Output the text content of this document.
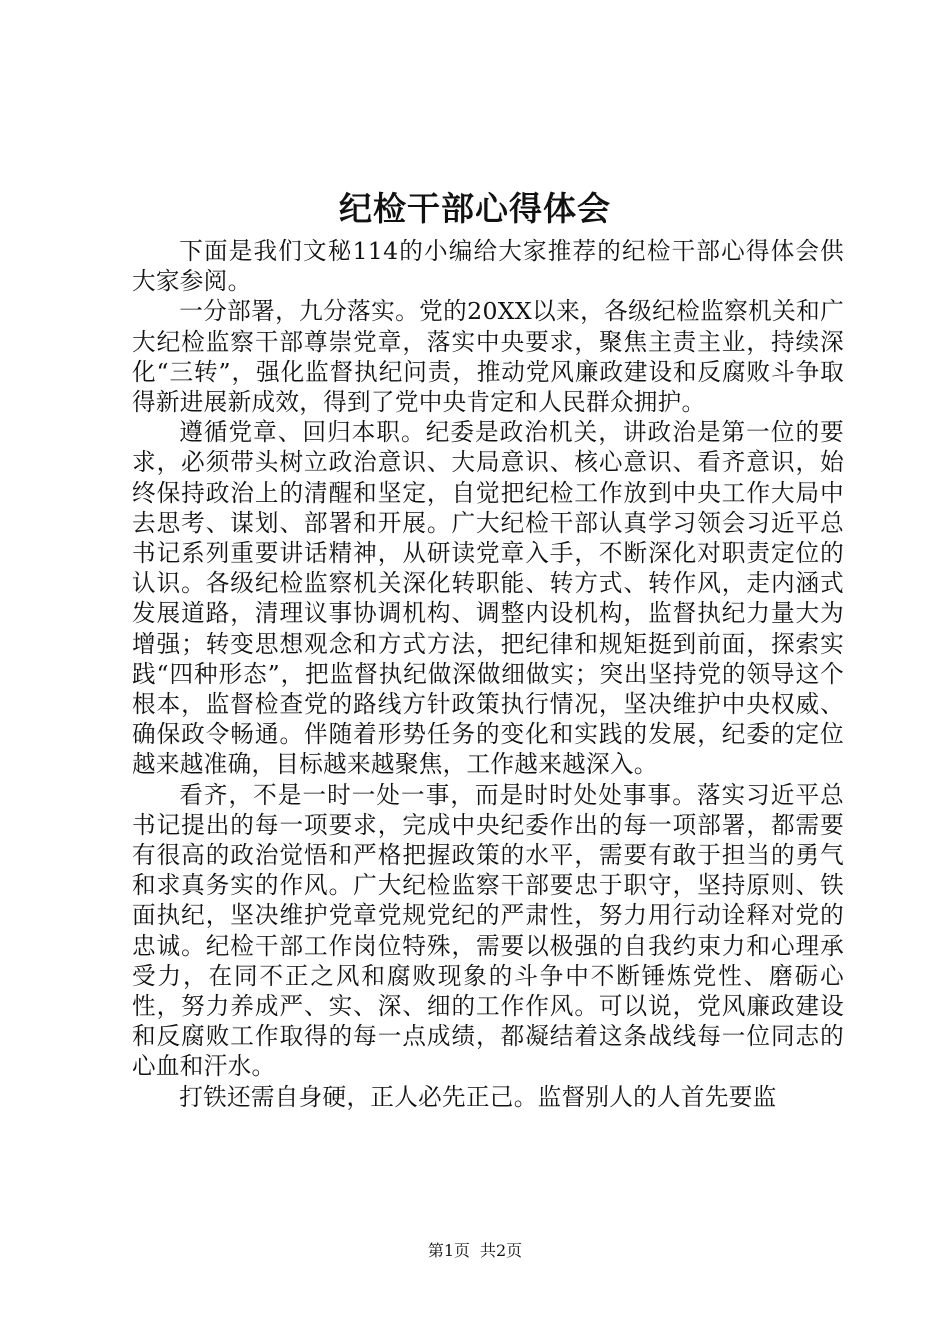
纪检干部心得体会

下面是我们文秘114的小编给大家推荐的纪检干部心得体会供大家参阅。

一分部署，九分落实。党的20XX以来，各级纪检监察机关和广大纪检监察干部尊崇党章，落实中央要求，聚焦主责主业，持续深化“三转”，强化监督执纪问责，推动党风廉政建设和反腐败斗争取得新进展新成效，得到了党中央肯定和人民群众拥护。

遵循党章、回归本职。纪委是政治机关，讲政治是第一位的要求，必须带头树立政治意识、大局意识、核心意识、看齐意识，始终保持政治上的清醒和坚定，自觉把纪检工作放到中央工作大局中去思考、谋划、部署和开展。广大纪检干部认真学习领会习近平总书记系列重要讲话精神，从研读党章入手，不断深化对职责定位的认识。各级纪检监察机关深化转职能、转方式、转作风，走内涵式发展道路，清理议事协调机构、调整内设机构，监督执纪力量大为增强；转变思想观念和方式方法，把纪律和规矩挺到前面，探索实践“四种形态”，把监督执纪做深做细做实；突出坚持党的领导这个根本，监督检查党的路线方针政策执行情况，坚决维护中央权威、确保政令畅通。伴随着形势任务的变化和实践的发展，纪委的定位越来越准确，目标越来越聚焦，工作越来越深入。

看齐，不是一时一处一事，而是时时处处事事。落实习近平总书记提出的每一项要求，完成中央纪委作出的每一项部署，都需要有很高的政治觉悟和严格把握政策的水平，需要有敢于担当的勇气和求真务实的作风。广大纪检监察干部要忠于职守，坚持原则、铁面执纪，坚决维护党章党规党纪的严肃性，努力用行动诠释对党的忠诚。纪检干部工作岗位特殊，需要以极强的自我约束力和心理承受力，在同不正之风和腐败现象的斗争中不断锤炼党性、磨砺心性，努力养成严、实、深、细的工作作风。可以说，党风廉政建设和反腐败工作取得的每一点成绩，都凝结着这条战线每一位同志的心血和汗水。

打铁还需自身硬，正人必先正己。监督别人的人首先要监

第1页 共2页
